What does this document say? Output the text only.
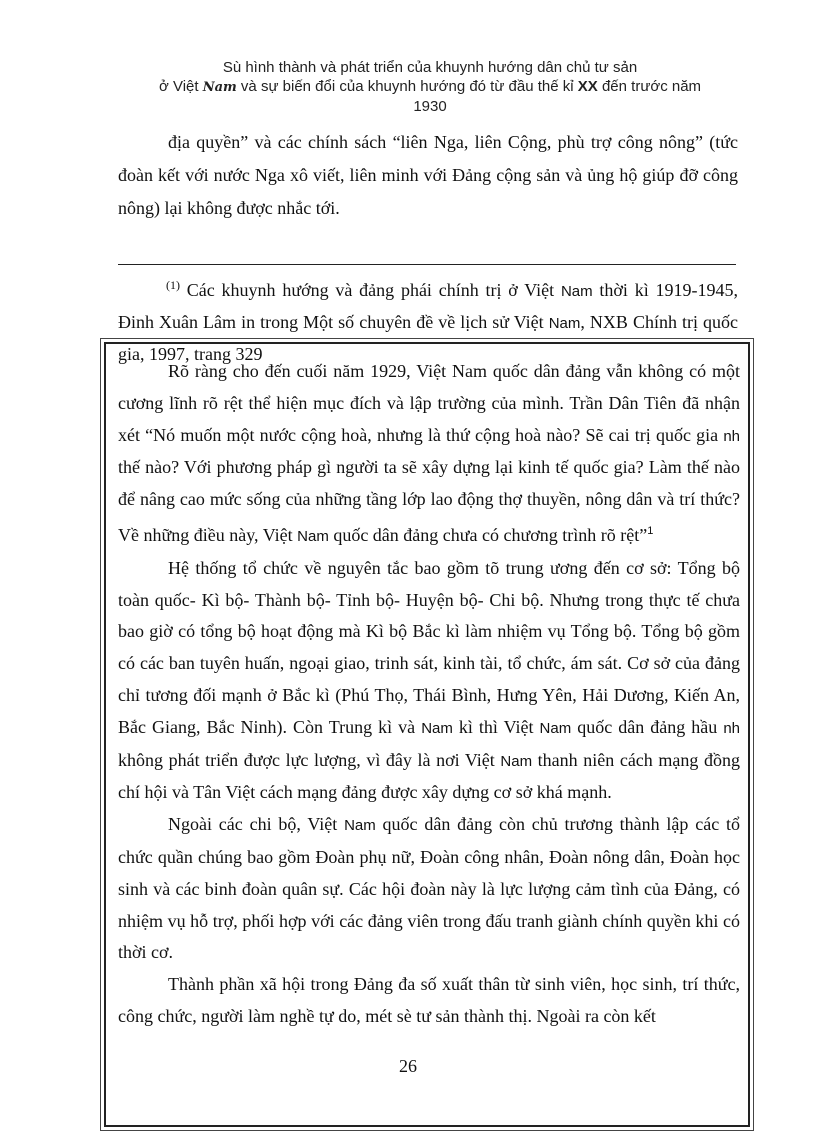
Sù hình thành và phát triển của khuynh hướng dân chủ tư sản
ở Việt Nam và sự biến đổi của khuynh hướng đó từ đầu thế kỉ XX đến trước năm
1930
địa quyền” và các chính sách “liên Nga, liên Cộng, phù trợ công nông” (tức đoàn kết với nước Nga xô viết, liên minh với Đảng cộng sản và ủng hộ giúp đỡ công nông) lại không được nhắc tới.
$^{(1)}$ Các khuynh hướng và đảng phái chính trị ở Việt Nam thời kì 1919-1945, Đinh Xuân Lâm in trong Một số chuyên đề về lịch sử Việt Nam, NXB Chính trị quốc gia, 1997, trang 329

Rõ ràng cho đến cuối năm 1929, Việt Nam quốc dân đảng vẫn không có một cương lĩnh rõ rệt thể hiện mục đích và lập trường của mình. Trần Dân Tiên đã nhận xét “Nó muốn một nước cộng hoà, nhưng là thứ cộng hoà nào? Sẽ cai trị quốc gia nh thế nào? Với phương pháp gì người ta sẽ xây dựng lại kinh tế quốc gia? Làm thế nào để nâng cao mức sống của những tầng lớp lao động thợ thuyền, nông dân và trí thức? Về những điều này, Việt Nam quốc dân đảng chưa có chương trình rõ rệt”$^1$

Hệ thống tổ chức về nguyên tắc bao gồm tõ trung ương đến cơ sở: Tổng bộ toàn quốc- Kì bộ- Thành bộ- Tỉnh bộ- Huyện bộ- Chi bộ. Nhưng trong thực tế chưa bao giờ có tổng bộ hoạt động mà Kì bộ Bắc kì làm nhiệm vụ Tổng bộ. Tổng bộ gồm có các ban tuyên huấn, ngoại giao, trinh sát, kinh tài, tổ chức, ám sát. Cơ sở của đảng chỉ tương đối mạnh ở Bắc kì (Phú Thọ, Thái Bình, Hưng Yên, Hải Dương, Kiến An, Bắc Giang, Bắc Ninh). Còn Trung kì và Nam kì thì Việt Nam quốc dân đảng hầu nh không phát triển được lực lượng, vì đây là nơi Việt Nam thanh niên cách mạng đồng chí hội và Tân Việt cách mạng đảng được xây dựng cơ sở khá mạnh.

Ngoài các chi bộ, Việt Nam quốc dân đảng còn chủ trương thành lập các tổ chức quần chúng bao gồm Đoàn phụ nữ, Đoàn công nhân, Đoàn nông dân, Đoàn học sinh và các binh đoàn quân sự. Các hội đoàn này là lực lượng cảm tình của Đảng, có nhiệm vụ hỗ trợ, phối hợp với các đảng viên trong đấu tranh giành chính quyền khi có thời cơ.

Thành phần xã hội trong Đảng đa số xuất thân từ sinh viên, học sinh, trí thức, công chức, người làm nghề tự do, mét sè tư sản thành thị. Ngoài ra còn kết

26
